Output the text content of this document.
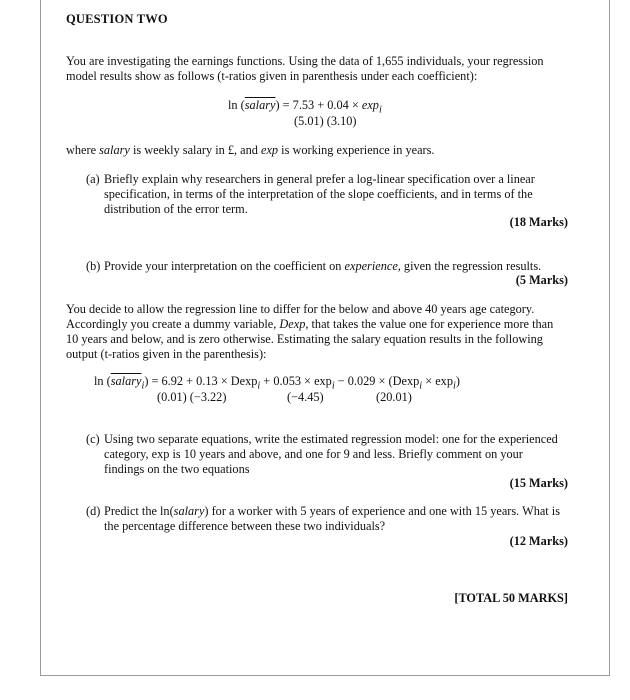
QUESTION TWO
You are investigating the earnings functions. Using the data of 1,655 individuals, your regression
model results show as follows (t-ratios given in parenthesis under each coefficient):
ln (salary) = $7.53 + 0.04 \times \exp_i$
(5.01) (3.10)
where salary is weekly salary in £, and exp is working experience in years.
(a) Briefly explain why researchers in general prefer a log-linear specification over a linear
specification, in terms of the interpretation of the slope coefficients, and in terms of the
distribution of the error term.
(18 Marks)
(b) Provide your interpretation on the coefficient on experience, given the regression results.
(5 Marks)
You decide to allow the regression line to differ for the below and above 40 years age category.
Accordingly you create a dummy variable, Dexp, that takes the value one for experience more than
10 years and below, and is zero otherwise. Estimating the salary equation results in the following
output (t-ratios given in the parenthesis):
ln (salary$_i$) = $6.92 + 0.13 \times Dexp_i + 0.053 \times \exp_i - 0.029 \times (Dexp_i \times \exp_i)$
(0.01) (−3.22)	(−4.45)	(20.01)
(c) Using two separate equations, write the estimated regression model: one for the experienced
category, exp is 10 years and above, and one for 9 and less. Briefly comment on your
findings on the two equations
(15 Marks)
(d) Predict the ln(salary) for a worker with 5 years of experience and one with 15 years. What is
the percentage difference between these two individuals?
(12 Marks)
[TOTAL 50 MARKS]
